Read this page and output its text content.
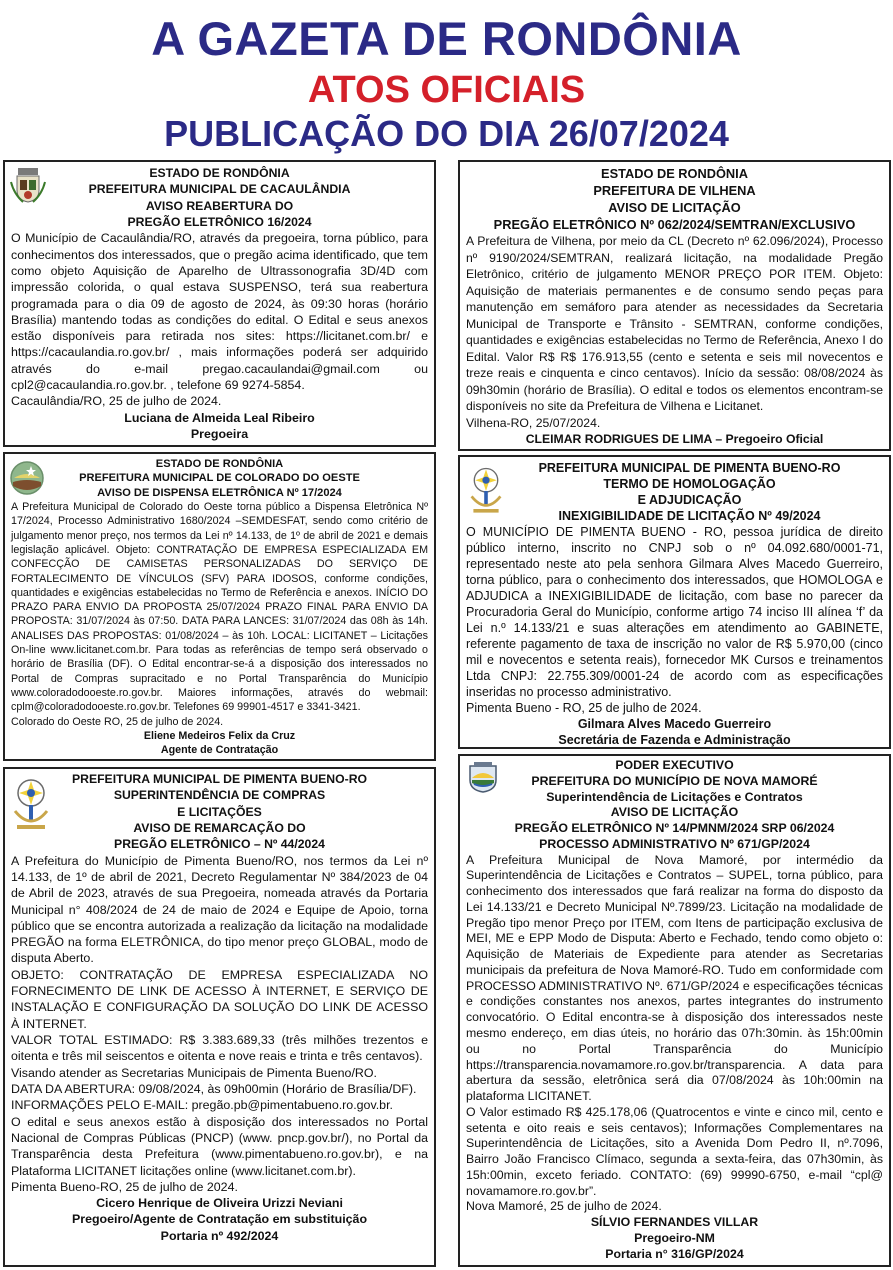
A GAZETA DE RONDÔNIA
ATOS OFICIAIS
PUBLICAÇÃO DO DIA 26/07/2024
ESTADO DE RONDÔNIA
PREFEITURA MUNICIPAL DE CACAULÂNDIA
AVISO REABERTURA DO
PREGÃO ELETRÔNICO 16/2024
O Município de Cacaulândia/RO, através da pregoeira, torna público, para conhecimentos dos interessados, que o pregão acima identificado, que tem como objeto Aquisição de Aparelho de Ultrassonografia 3D/4D com impressão colorida, o qual estava SUSPENSO, terá sua reabertura programada para o dia 09 de agosto de 2024, às 09:30 horas (horário Brasília) mantendo todas as condições do edital. O Edital e seus anexos estão disponíveis para retirada nos sites: https://licitanet.com.br/ e https://cacaulandia.ro.gov.br/ , mais informações poderá ser adquirido através do e-mail pregao.cacaulandai@gmail.com ou cpl2@cacaulandia.ro.gov.br. , telefone 69 9274-5854.
Cacaulândia/RO, 25 de julho de 2024.
Luciana de Almeida Leal Ribeiro
Pregoeira
ESTADO DE RONDÔNIA
PREFEITURA MUNICIPAL DE COLORADO DO OESTE
AVISO DE DISPENSA ELETRÔNICA Nº 17/2024
A Prefeitura Municipal de Colorado do Oeste torna público a Dispensa Eletrônica Nº 17/2024, Processo Administrativo 1680/2024 –SEMDESFAT, sendo como critério de julgamento menor preço, nos termos da Lei nº 14.133, de 1º de abril de 2021 e demais legislação aplicável. Objeto: CONTRATAÇÃO DE EMPRESA ESPECIALIZADA EM CONFECÇÃO DE CAMISETAS PERSONALIZADAS DO SERVIÇO DE FORTALECIMENTO DE VÍNCULOS (SFV) PARA IDOSOS, conforme condições, quantidades e exigências estabelecidas no Termo de Referência e anexos. INÍCIO DO PRAZO PARA ENVIO DA PROPOSTA 25/07/2024 PRAZO FINAL PARA ENVIO DA PROPOSTA: 31/07/2024 às 07:50. DATA PARA LANCES: 31/07/2024 das 08h às 14h. ANALISES DAS PROPOSTAS: 01/08/2024 – às 10h. LOCAL: LICITANET – Licitações On-line www.licitanet.com.br. Para todas as referências de tempo será observado o horário de Brasília (DF). O Edital encontrar-se-á a disposição dos interessados no Portal de Compras supracitado e no Portal Transparência do Município www.coloradodooeste.ro.gov.br. Maiores informações, através do webmail: cplm@coloradodooeste.ro.gov.br. Telefones 69 99901-4517 e 3341-3421.
Colorado do Oeste RO, 25 de julho de 2024.
Eliene Medeiros Felix da Cruz
Agente de Contratação
PREFEITURA MUNICIPAL DE PIMENTA BUENO-RO
SUPERINTENDÊNCIA DE COMPRAS
E LICITAÇÕES
AVISO DE REMARCAÇÃO DO
PREGÃO ELETRÔNICO – Nº 44/2024
A Prefeitura do Município de Pimenta Bueno/RO, nos termos da Lei nº 14.133, de 1º de abril de 2021, Decreto Regulamentar Nº 384/2023 de 04 de Abril de 2023, através de sua Pregoeira, nomeada através da Portaria Municipal n° 408/2024 de 24 de maio de 2024 e Equipe de Apoio, torna público que se encontra autorizada a realização da licitação na modalidade PREGÃO na forma ELETRÔNICA, do tipo menor preço GLOBAL, modo de disputa Aberto.
OBJETO: CONTRATAÇÃO DE EMPRESA ESPECIALIZADA NO FORNECIMENTO DE LINK DE ACESSO À INTERNET, E SERVIÇO DE INSTALAÇÃO E CONFIGURAÇÃO DA SOLUÇÃO DO LINK DE ACESSO À INTERNET.
VALOR TOTAL ESTIMADO: R$ 3.383.689,33 (três milhões trezentos e oitenta e três mil seiscentos e oitenta e nove reais e trinta e três centavos).
Visando atender as Secretarias Municipais de Pimenta Bueno/RO.
DATA DA ABERTURA: 09/08/2024, às 09h00min (Horário de Brasília/DF).
INFORMAÇÕES PELO E-MAIL: pregão.pb@pimentabueno.ro.gov.br.
O edital e seus anexos estão à disposição dos interessados no Portal Nacional de Compras Públicas (PNCP) (www. pncp.gov.br/), no Portal da Transparência desta Prefeitura (www.pimentabueno.ro.gov.br), e na Plataforma LICITANET licitações online (www.licitanet.com.br).
Pimenta Bueno-RO, 25 de julho de 2024.
Cicero Henrique de Oliveira Urizzi Neviani
Pregoeiro/Agente de Contratação em substituição
Portaria nº 492/2024
ESTADO DE RONDÔNIA
PREFEITURA DE VILHENA
AVISO DE LICITAÇÃO
PREGÃO ELETRÔNICO Nº 062/2024/SEMTRAN/EXCLUSIVO
A Prefeitura de Vilhena, por meio da CL (Decreto nº 62.096/2024), Processo nº 9190/2024/SEMTRAN, realizará licitação, na modalidade Pregão Eletrônico, critério de julgamento MENOR PREÇO POR ITEM. Objeto: Aquisição de materiais permanentes e de consumo sendo peças para manutenção em semáforo para atender as necessidades da Secretaria Municipal de Transporte e Trânsito - SEMTRAN, conforme condições, quantidades e exigências estabelecidas no Termo de Referência, Anexo I do Edital. Valor R$ R$ 176.913,55 (cento e setenta e seis mil novecentos e treze reais e cinquenta e cinco centavos). Início da sessão: 08/08/2024 às 09h30min (horário de Brasília). O edital e todos os elementos encontram-se disponíveis no site da Prefeitura de Vilhena e Licitanet.
Vilhena-RO, 25/07/2024.
CLEIMAR RODRIGUES DE LIMA – Pregoeiro Oficial
PREFEITURA MUNICIPAL DE PIMENTA BUENO-RO
TERMO DE HOMOLOGAÇÃO
E ADJUDICAÇÃO
INEXIGIBILIDADE DE LICITAÇÃO Nº 49/2024
O MUNICÍPIO DE PIMENTA BUENO - RO, pessoa jurídica de direito público interno, inscrito no CNPJ sob o nº 04.092.680/0001-71, representado neste ato pela senhora Gilmara Alves Macedo Guerreiro, torna público, para o conhecimento dos interessados, que HOMOLOGA e ADJUDICA a INEXIGIBILIDADE de licitação, com base no parecer da Procuradoria Geral do Município, conforme artigo 74 inciso III alínea ‘f’ da Lei n.º 14.133/21 e suas alterações em atendimento ao GABINETE, referente pagamento de taxa de inscrição no valor de R$ 5.970,00 (cinco mil e novecentos e setenta reais), fornecedor MK Cursos e treinamentos Ltda CNPJ: 22.755.309/0001-24 de acordo com as especificações inseridas no processo administrativo.
Pimenta Bueno - RO, 25 de julho de 2024.
Gilmara Alves Macedo Guerreiro
Secretária de Fazenda e Administração
PODER EXECUTIVO
PREFEITURA DO MUNICÍPIO DE NOVA MAMORÉ
Superintendência de Licitações e Contratos
AVISO DE LICITAÇÃO
PREGÃO ELETRÔNICO Nº 14/PMNM/2024 SRP 06/2024
PROCESSO ADMINISTRATIVO Nº 671/GP/2024
A Prefeitura Municipal de Nova Mamoré, por intermédio da Superintendência de Licitações e Contratos – SUPEL, torna público, para conhecimento dos interessados que fará realizar na forma do disposto da Lei 14.133/21 e Decreto Municipal Nº.7899/23. Licitação na modalidade de Pregão tipo menor Preço por ITEM, com Itens de participação exclusiva de MEI, ME e EPP Modo de Disputa: Aberto e Fechado, tendo como objeto o: Aquisição de Materiais de Expediente para atender as Secretarias municipais da prefeitura de Nova Mamoré-RO. Tudo em conformidade com PROCESSO ADMINISTRATIVO Nº. 671/GP/2024 e especificações técnicas e condições constantes nos anexos, partes integrantes do instrumento convocatório. O Edital encontra-se à disposição dos interessados neste mesmo endereço, em dias úteis, no horário das 07h:30min. às 15h:00min ou no Portal Transparência do Município https://transparencia.novamamore.ro.gov.br/transparencia. A data para abertura da sessão, eletrônica será dia 07/08/2024 às 10h:00min na plataforma LICITANET.
O Valor estimado R$ 425.178,06 (Quatrocentos e vinte e cinco mil, cento e setenta e oito reais e seis centavos); Informações Complementares na Superintendência de Licitações, sito a Avenida Dom Pedro II, nº.7096, Bairro João Francisco Clímaco, segunda a sexta-feira, das 07h30min, às 15h:00min, exceto feriado. CONTATO: (69) 99990-6750, e-mail “cpl@ novamamore.ro.gov.br”.
Nova Mamoré, 25 de julho de 2024.
SÍLVIO FERNANDES VILLAR
Pregoeiro-NM
Portaria n° 316/GP/2024
